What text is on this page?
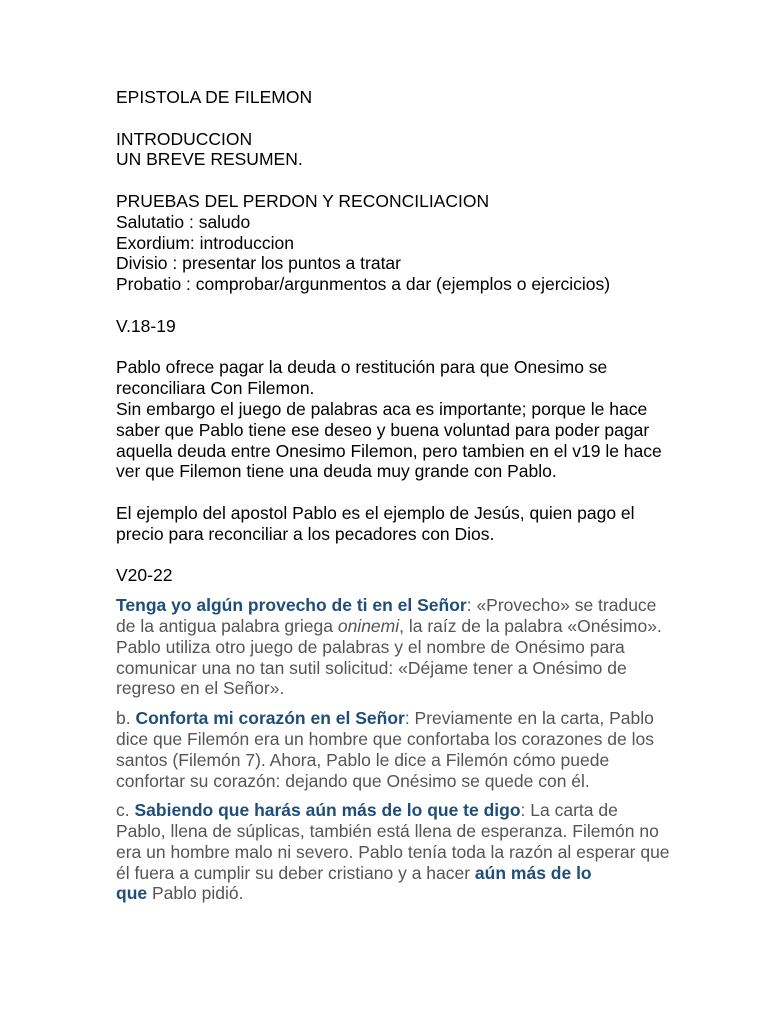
EPISTOLA DE FILEMON

INTRODUCCION

UN BREVE RESUMEN.

PRUEBAS DEL PERDON Y RECONCILIACION

Salutatio : saludo

Exordium: introduccion

Divisio : presentar los puntos a tratar

Probatio : comprobar/argunmentos a dar (ejemplos o ejercicios)

V.18-19

Pablo ofrece pagar la deuda o restitución para que Onesimo se

reconciliara Con Filemon.

Sin embargo el juego de palabras aca es importante; porque le hace

saber que Pablo tiene ese deseo y buena voluntad para poder pagar

aquella deuda entre Onesimo Filemon, pero tambien en el v19 le hace

ver que Filemon tiene una deuda muy grande con Pablo.

El ejemplo del apostol Pablo es el ejemplo de Jesús, quien pago el

precio para reconciliar a los pecadores con Dios.

V20-22

Tenga yo algún provecho de ti en el Señor: «Provecho» se traduce

de la antigua palabra griega oninemi, la raíz de la palabra «Onésimo».

Pablo utiliza otro juego de palabras y el nombre de Onésimo para

comunicar una no tan sutil solicitud: «Déjame tener a Onésimo de

regreso en el Señor».

b. Conforta mi corazón en el Señor: Previamente en la carta, Pablo

dice que Filemón era un hombre que confortaba los corazones de los

santos (Filemón 7). Ahora, Pablo le dice a Filemón cómo puede

confortar su corazón: dejando que Onésimo se quede con él.

c. Sabiendo que harás aún más de lo que te digo: La carta de

Pablo, llena de súplicas, también está llena de esperanza. Filemón no

era un hombre malo ni severo. Pablo tenía toda la razón al esperar que

él fuera a cumplir su deber cristiano y a hacer aún más de lo

que Pablo pidió.
